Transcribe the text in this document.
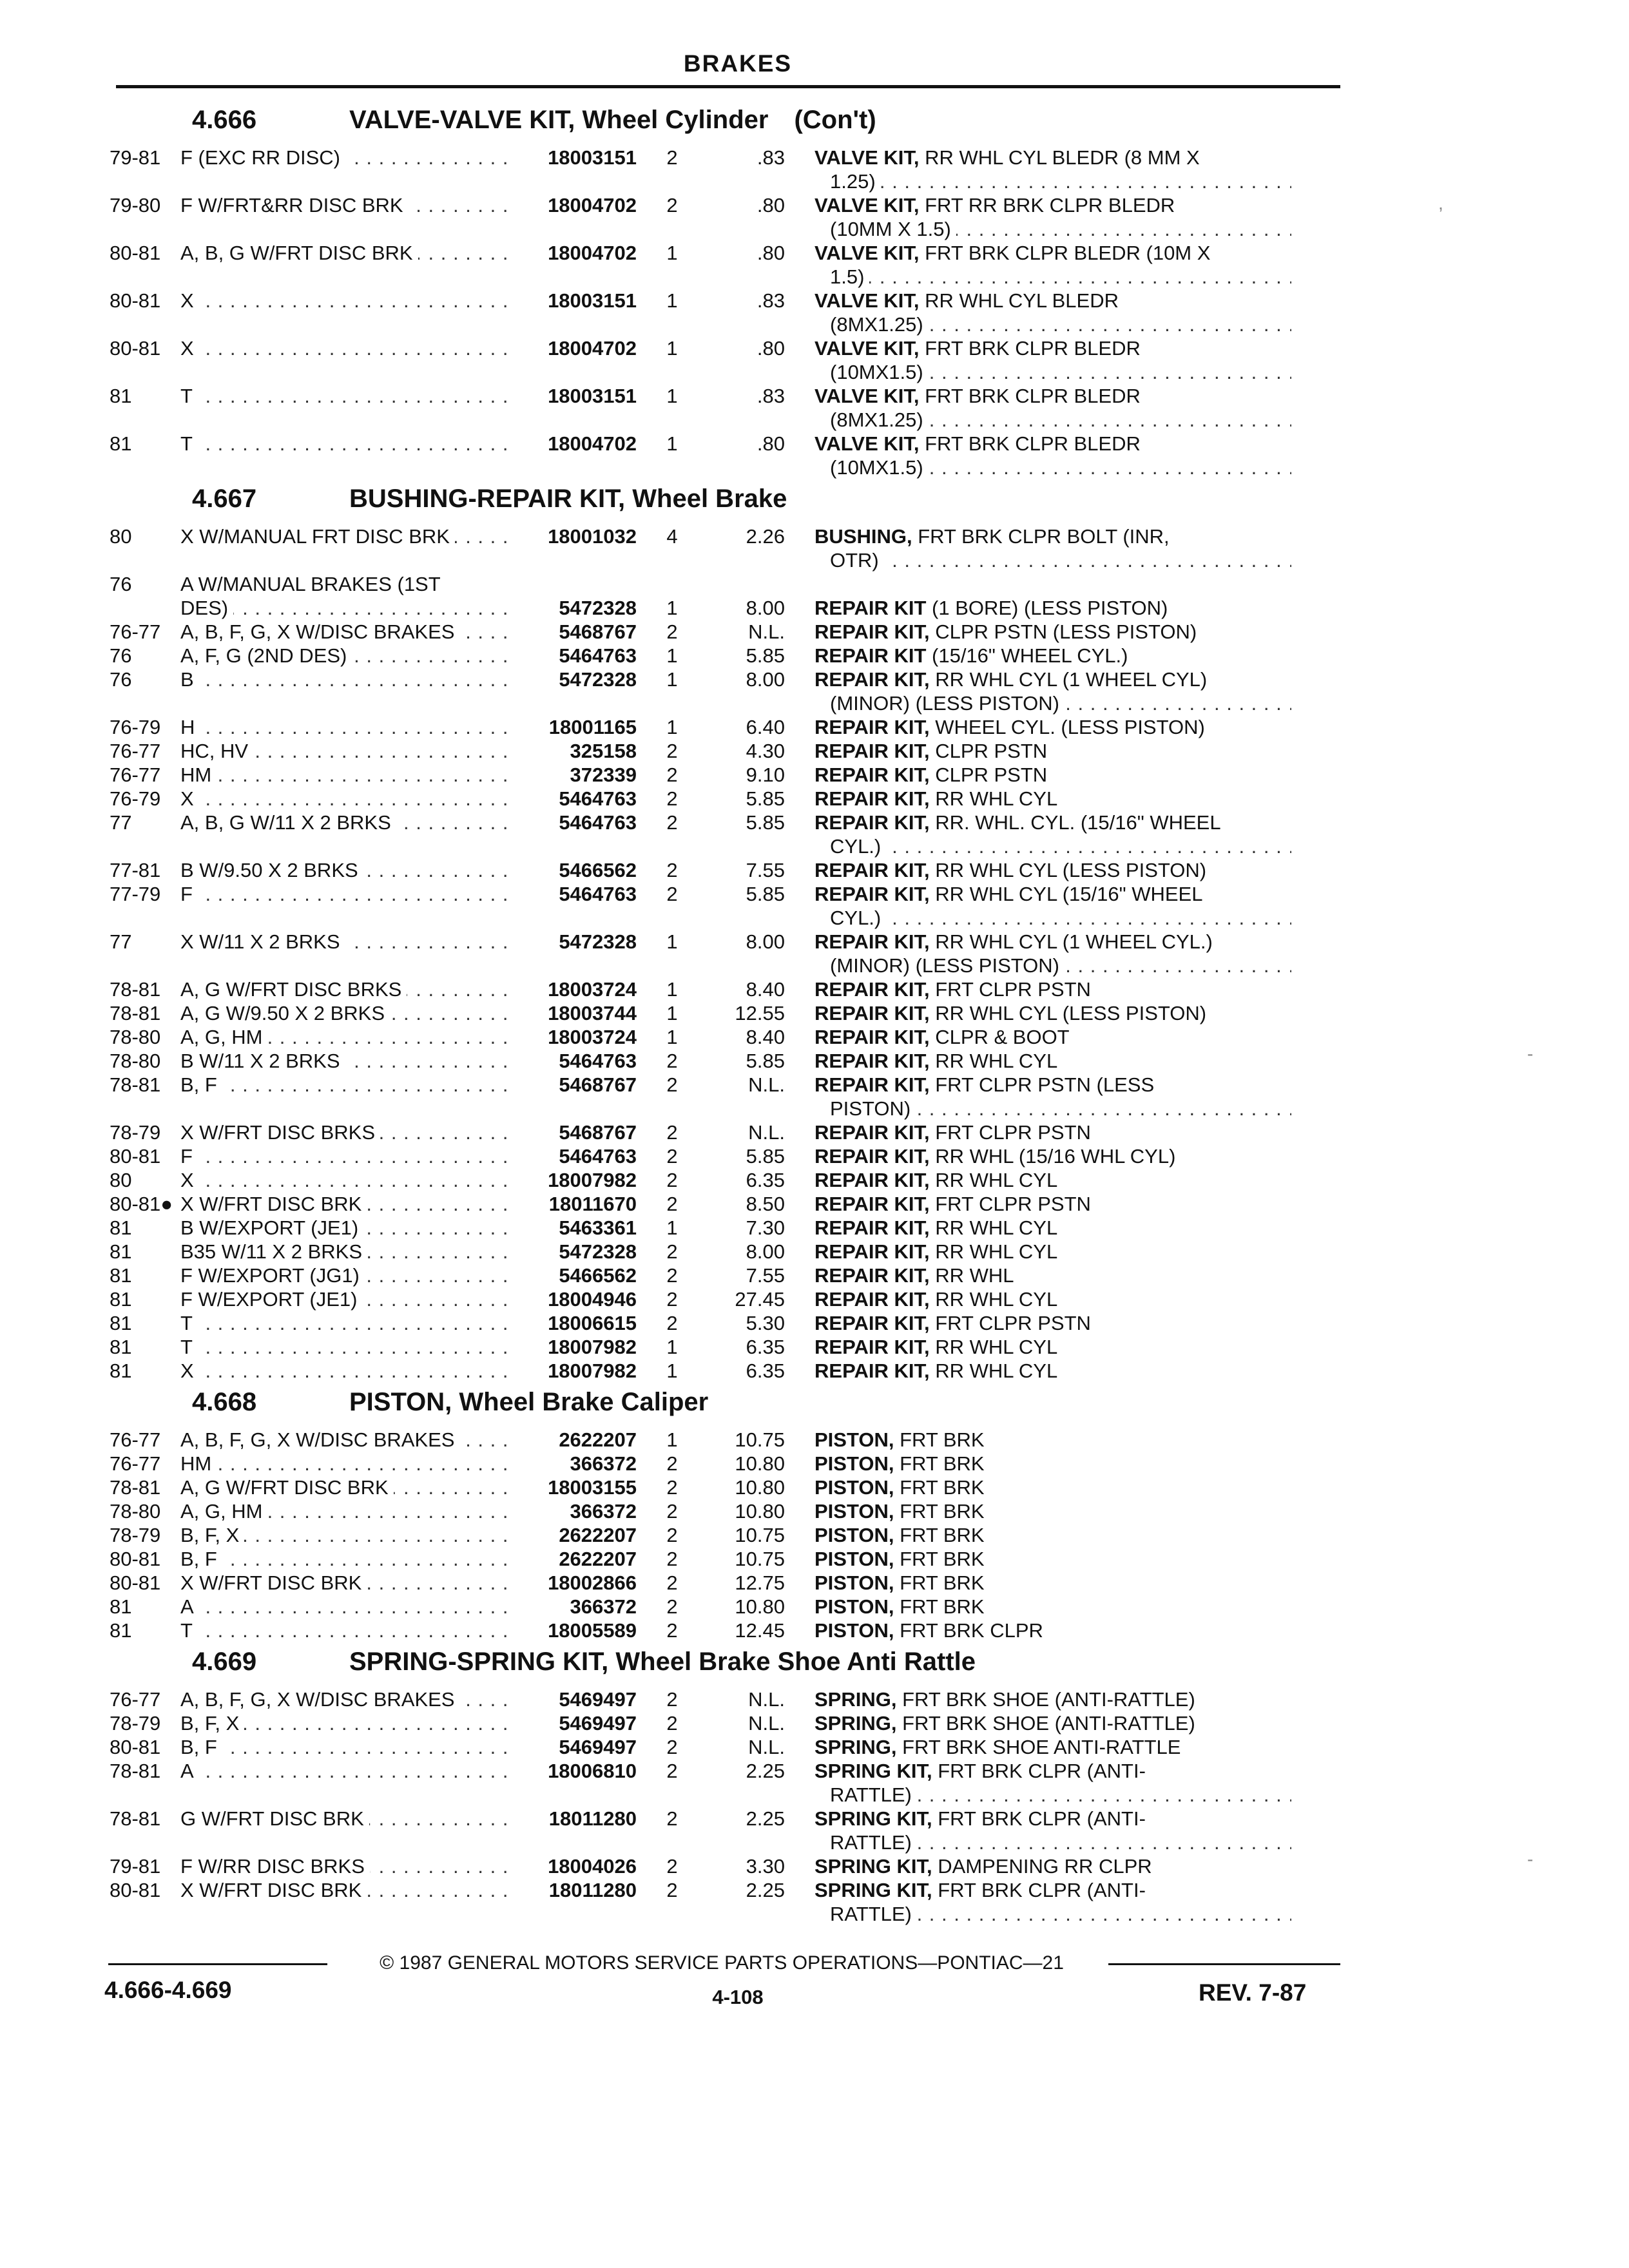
BRAKES
4.666	VALVE-VALVE KIT, Wheel Cylinder (Con't)
79-81 F (EXC RR DISC) . . .	18003151	2	.83 VALVE KIT, RR WHL CYL BLEDR (8 MM X
1.25) . . .
79-80 F W/FRT&RR DISC BRK . . .	18004702	2	.80 VALVE KIT, FRT RR BRK CLPR BLEDR
(10MM X 1.5) . . .
80-81 A, B, G W/FRT DISC BRK . . .	18004702	1	.80 VALVE KIT, FRT BRK CLPR BLEDR (10M X
1.5) . . .
80-81 X . . .	18003151	1	.83 VALVE KIT, RR WHL CYL BLEDR
(8MX1.25) . . .
80-81 X . . .	18004702	1	.80 VALVE KIT, FRT BRK CLPR BLEDR
(10MX1.5) . . .
81	T . . .	18003151	1	.83 VALVE KIT, FRT BRK CLPR BLEDR
(8MX1.25) . . .
81	T . . .	18004702	1	.80 VALVE KIT, FRT BRK CLPR BLEDR
(10MX1.5) . . .
4.667	BUSHING-REPAIR KIT, Wheel Brake
80	X W/MANUAL FRT DISC BRK . . .	18001032	4	2.26 BUSHING, FRT BRK CLPR BOLT (INR,
OTR) . . .
76	A W/MANUAL BRAKES (1ST
DES) . . .	5472328	1	8.00 REPAIR KIT (1 BORE) (LESS PISTON)
76-77 A, B, F, G, X W/DISC BRAKES . . .	5468767	2	N.L. REPAIR KIT, CLPR PSTN (LESS PISTON)
76	A, F, G (2ND DES) . . .	5464763	1	5.85 REPAIR KIT (15/16" WHEEL CYL.)
76	B . . .	5472328	1	8.00 REPAIR KIT, RR WHL CYL (1 WHEEL CYL)
(MINOR) (LESS PISTON) . . .
76-79 H . . .	18001165	1	6.40 REPAIR KIT, WHEEL CYL. (LESS PISTON)
76-77 HC, HV . . .	325158	2	4.30 REPAIR KIT, CLPR PSTN
76-77 HM . . .	372339	2	9.10 REPAIR KIT, CLPR PSTN
76-79 X . . .	5464763	2	5.85 REPAIR KIT, RR WHL CYL
77	A, B, G W/11 X 2 BRKS . . .	5464763	2	5.85 REPAIR KIT, RR. WHL. CYL. (15/16" WHEEL
CYL.) . . .
77-81 B W/9.50 X 2 BRKS . . .	5466562	2	7.55 REPAIR KIT, RR WHL CYL (LESS PISTON)
77-79 F . . .	5464763	2	5.85 REPAIR KIT, RR WHL CYL (15/16" WHEEL
CYL.) . . .
77	X W/11 X 2 BRKS . . .	5472328	1	8.00 REPAIR KIT, RR WHL CYL (1 WHEEL CYL.)
(MINOR) (LESS PISTON) . . .
78-81 A, G W/FRT DISC BRKS . . .	18003724	1	8.40 REPAIR KIT, FRT CLPR PSTN
78-81 A, G W/9.50 X 2 BRKS . . .	18003744	1	12.55 REPAIR KIT, RR WHL CYL (LESS PISTON)
78-80 A, G, HM . . .	18003724	1	8.40 REPAIR KIT, CLPR & BOOT
78-80 B W/11 X 2 BRKS . . .	5464763	2	5.85 REPAIR KIT, RR WHL CYL
78-81 B, F . . .	5468767	2	N.L. REPAIR KIT, FRT CLPR PSTN (LESS
PISTON) . . .
78-79 X W/FRT DISC BRKS . . .	5468767	2	N.L. REPAIR KIT, FRT CLPR PSTN
80-81 F . . .	5464763	2	5.85 REPAIR KIT, RR WHL (15/16 WHL CYL)
80	X . . .	18007982	2	6.35 REPAIR KIT, RR WHL CYL
80-81● X W/FRT DISC BRK . . .	18011670	2	8.50 REPAIR KIT, FRT CLPR PSTN
81	B W/EXPORT (JE1) . . .	5463361	1	7.30 REPAIR KIT, RR WHL CYL
81	B35 W/11 X 2 BRKS . . .	5472328	2	8.00 REPAIR KIT, RR WHL CYL
81	F W/EXPORT (JG1) . . .	5466562	2	7.55 REPAIR KIT, RR WHL
81	F W/EXPORT (JE1) . . .	18004946	2	27.45 REPAIR KIT, RR WHL CYL
81	T . . .	18006615	2	5.30 REPAIR KIT, FRT CLPR PSTN
81	T . . .	18007982	1	6.35 REPAIR KIT, RR WHL CYL
81	X . . .	18007982	1	6.35 REPAIR KIT, RR WHL CYL
4.668	PISTON, Wheel Brake Caliper
76-77 A, B, F, G, X W/DISC BRAKES . . .	2622207	1	10.75 PISTON, FRT BRK
76-77 HM . . .	366372	2	10.80 PISTON, FRT BRK
78-81 A, G W/FRT DISC BRK . . .	18003155	2	10.80 PISTON, FRT BRK
78-80 A, G, HM . . .	366372	2	10.80 PISTON, FRT BRK
78-79 B, F, X . . .	2622207	2	10.75 PISTON, FRT BRK
80-81 B, F . . .	2622207	2	10.75 PISTON, FRT BRK
80-81 X W/FRT DISC BRK . . .	18002866	2	12.75 PISTON, FRT BRK
81	A . . .	366372	2	10.80 PISTON, FRT BRK
81	T . . .	18005589	2	12.45 PISTON, FRT BRK CLPR
4.669	SPRING-SPRING KIT, Wheel Brake Shoe Anti Rattle
76-77 A, B, F, G, X W/DISC BRAKES . . .	5469497	2	N.L. SPRING, FRT BRK SHOE (ANTI-RATTLE)
78-79 B, F, X . . .	5469497	2	N.L. SPRING, FRT BRK SHOE (ANTI-RATTLE)
80-81 B, F . . .	5469497	2	N.L. SPRING, FRT BRK SHOE ANTI-RATTLE
78-81 A . . .	18006810	2	2.25 SPRING KIT, FRT BRK CLPR (ANTI-
RATTLE) . . .
78-81 G W/FRT DISC BRK . . .	18011280	2	2.25 SPRING KIT, FRT BRK CLPR (ANTI-
RATTLE) . . .
79-81 F W/RR DISC BRKS . . .	18004026	2	3.30 SPRING KIT, DAMPENING RR CLPR
80-81 X W/FRT DISC BRK . . .	18011280	2	2.25 SPRING KIT, FRT BRK CLPR (ANTI-
RATTLE) . . .
,
-
-
© 1987 GENERAL MOTORS SERVICE PARTS OPERATIONS—PONTIAC—21
4.666-4.669	4-108	REV. 7-87
